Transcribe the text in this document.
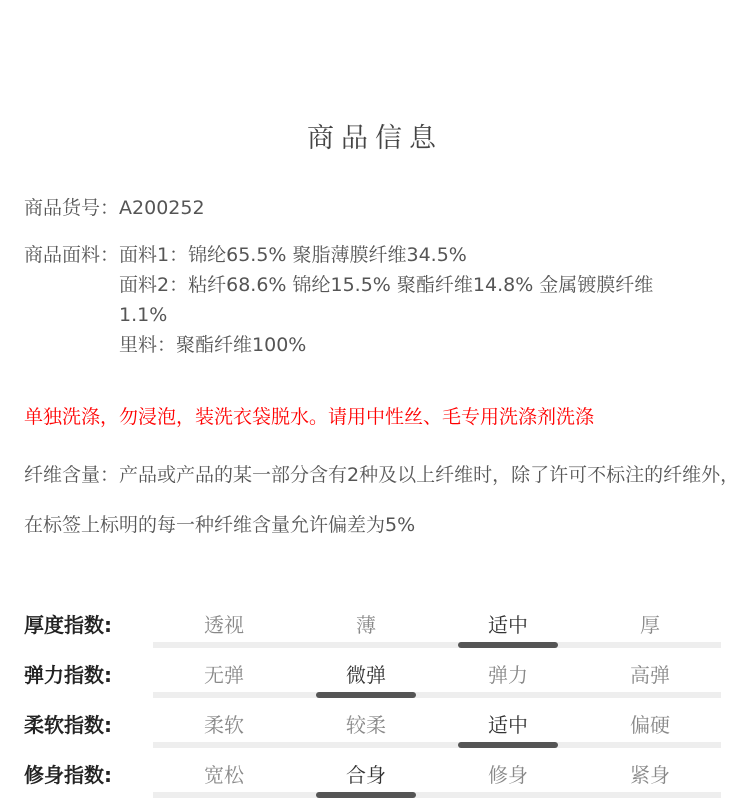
商品信息
商品货号：A200252
商品面料： 面料1：锦纶65.5% 聚脂薄膜纤维34.5%
面料2：粘纤68.6% 锦纶15.5% 聚酯纤维14.8% 金属镀膜纤维1.1%
里料：聚酯纤维100%
单独洗涤，勿浸泡，装洗衣袋脱水。请用中性丝、毛专用洗涤剂洗涤
纤维含量：产品或产品的某一部分含有2种及以上纤维时，除了许可不标注的纤维外，在标签上标明的每一种纤维含量允许偏差为5%
厚度指数:	透视	薄	适中	厚
弹力指数:	无弹	微弹	弹力	高弹
柔软指数:	柔软	较柔	适中	偏硬
修身指数:	宽松	合身	修身	紧身
